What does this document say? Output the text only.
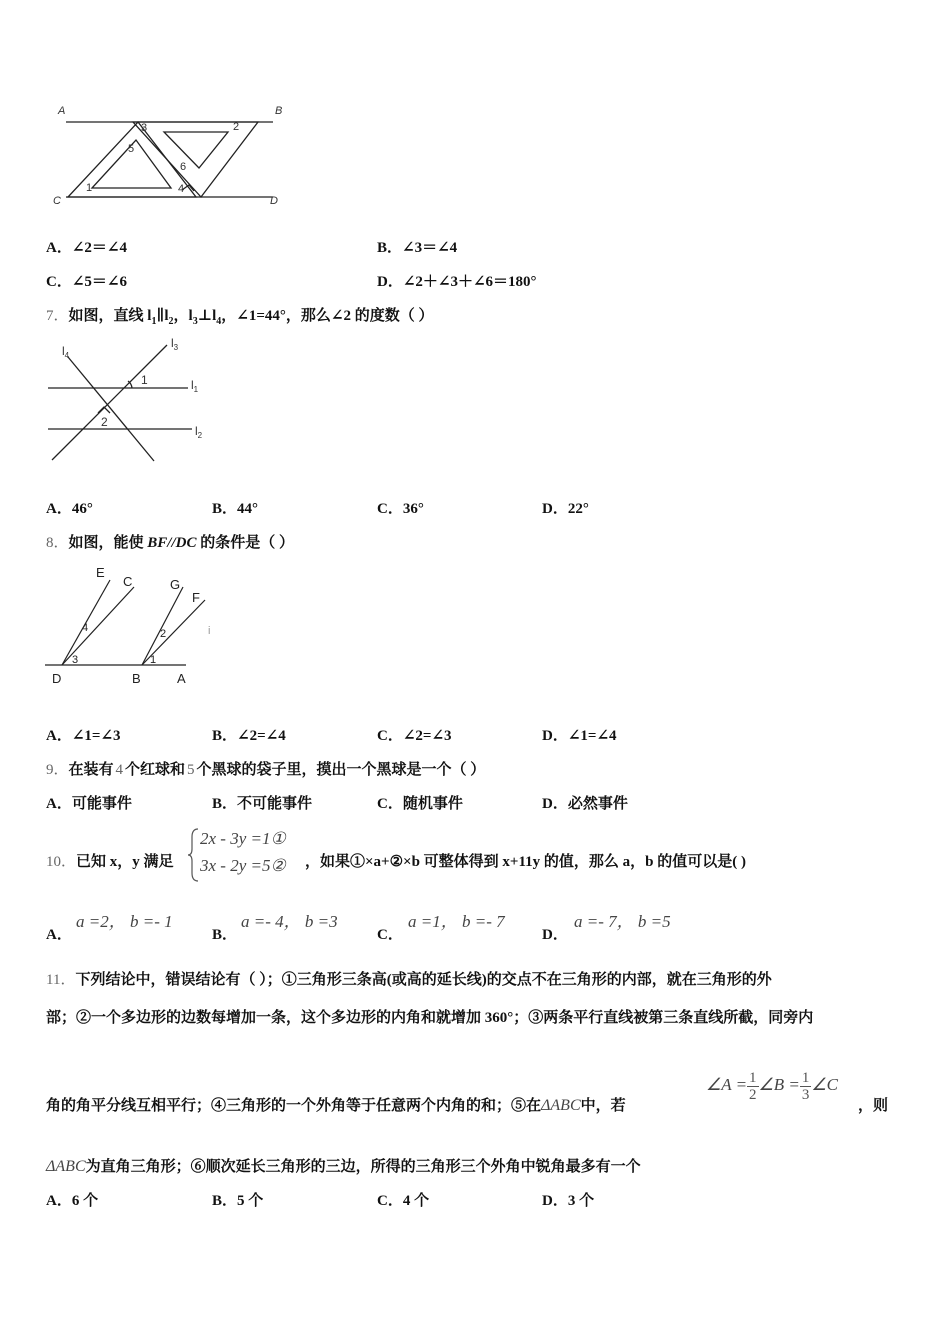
A	B
C	D
1
2
3
4
5
6
A．∠2＝∠4	B．∠3＝∠4
C．∠5＝∠6	D．∠2＋∠3＋∠6＝180°
7．如图，直线 $l_1\parallel l_2$，$l_3\perp l_4$，∠1=44°，那么∠2 的度数（ ）
$l_4$
$l_3$
$l_1$
$l_2$
1
2
A．46°	B．44°	C．36°	D．22°
8．如图，能使 BF//DC 的条件是（ ）
E
C	G
F
D	B	A
1
2
3
4	i
A．∠1=∠3	B．∠2=∠4	C．∠2=∠3	D．∠1=∠4
9．在装有 4 个红球和 5 个黑球的袋子里，摸出一个黑球是一个（ ）
A．可能事件	B．不可能事件	C．随机事件	D．必然事件
10．已知 x，y 满足
2x - 3y =1①
3x - 2y =5② ，如果①×a+②×b 可整体得到 x+11y 的值，那么 a，b 的值可以是( )
A．
a =2， b =- 1
B．
a =- 4， b =3
C．
a =1， b =- 7
D．
a =- 7， b =5
11．下列结论中，错误结论有（ ）；①三角形三条高(或高的延长线)的交点不在三角形的内部，就在三角形的外
部；②一个多边形的边数每增加一条，这个多边形的内角和就增加 360°；③两条平行直线被第三条直线所截，同旁内
角的角平分线互相平行；④三角形的一个外角等于任意两个内角的和；⑤在ΔABC中，若
∠A = $\frac{1}{2}$ ∠B = $\frac{1}{3}$ ∠C
，则
ΔABC为直角三角形；⑥顺次延长三角形的三边，所得的三角形三个外角中锐角最多有一个
A．6 个	B．5 个	C．4 个	D．3 个
